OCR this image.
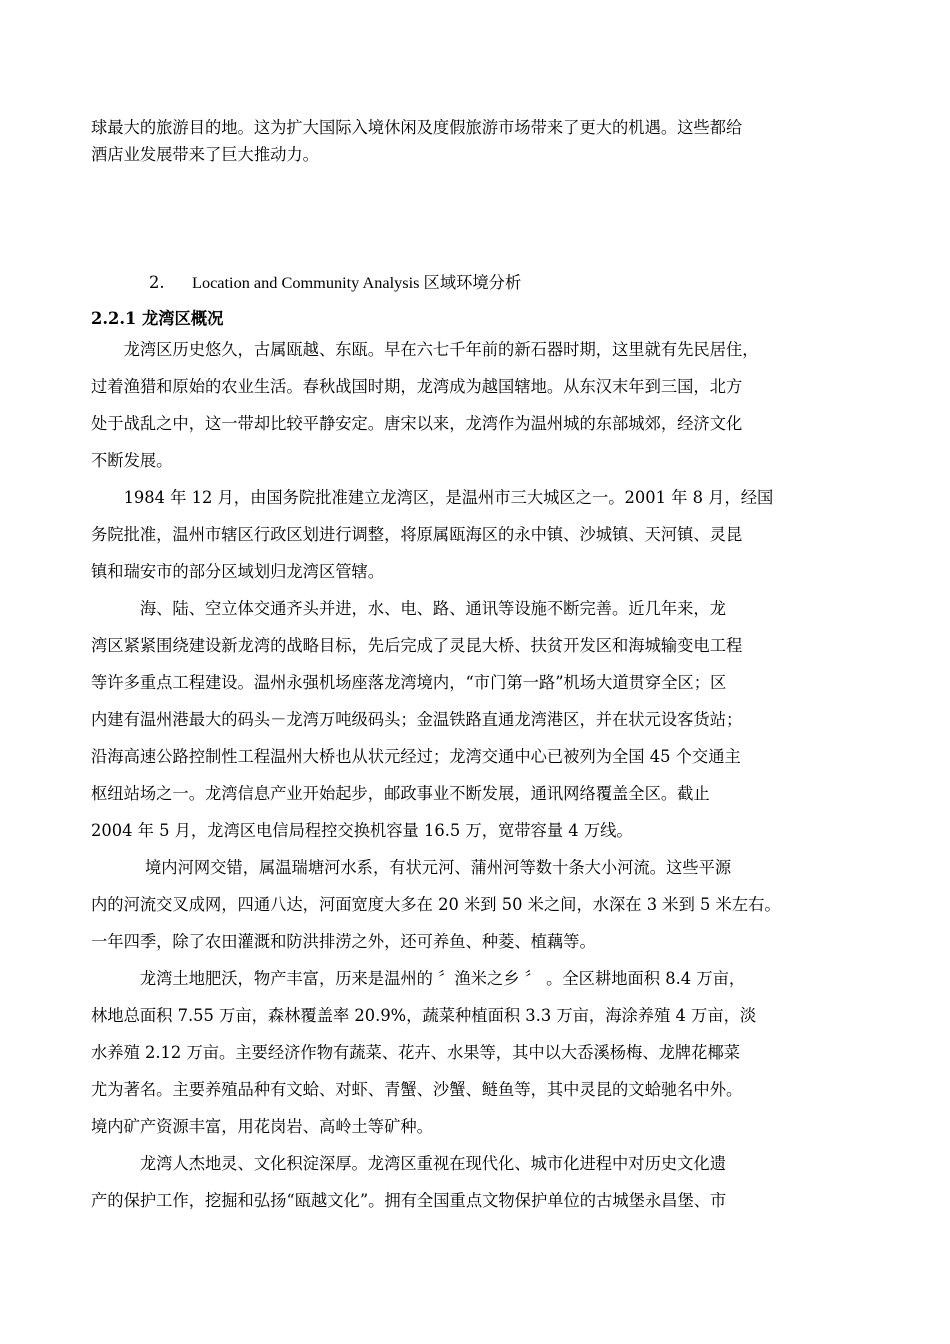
球最大的旅游目的地。这为扩大国际入境休闲及度假旅游市场带来了更大的机遇。这些都给
酒店业发展带来了巨大推动力。
2. Location and Community Analysis 区域环境分析
2.2.1 龙湾区概况
　　龙湾区历史悠久，古属瓯越、东瓯。早在六七千年前的新石器时期，这里就有先民居住，
过着渔猎和原始的农业生活。春秋战国时期，龙湾成为越国辖地。从东汉末年到三国，北方
处于战乱之中，这一带却比较平静安定。唐宋以来，龙湾作为温州城的东部城郊，经济文化
不断发展。
　　1984 年 12 月，由国务院批准建立龙湾区，是温州市三大城区之一。2001 年 8 月，经国
务院批准，温州市辖区行政区划进行调整，将原属瓯海区的永中镇、沙城镇、天河镇、灵昆
镇和瑞安市的部分区域划归龙湾区管辖。
　　　海、陆、空立体交通齐头并进，水、电、路、通讯等设施不断完善。近几年来，龙
湾区紧紧围绕建设新龙湾的战略目标，先后完成了灵昆大桥、扶贫开发区和海城输变电工程
等许多重点工程建设。温州永强机场座落龙湾境内，“市门第一路”机场大道贯穿全区；区
内建有温州港最大的码头－龙湾万吨级码头；金温铁路直通龙湾港区，并在状元设客货站；
沿海高速公路控制性工程温州大桥也从状元经过；龙湾交通中心已被列为全国 45 个交通主
枢纽站场之一。龙湾信息产业开始起步，邮政事业不断发展，通讯网络覆盖全区。截止
2004 年 5 月，龙湾区电信局程控交换机容量 16.5 万，宽带容量 4 万线。
　　　 境内河网交错，属温瑞塘河水系，有状元河、蒲州河等数十条大小河流。这些平源
内的河流交叉成网，四通八达，河面宽度大多在 20 米到 50 米之间，水深在 3 米到 5 米左右。
一年四季，除了农田灌溉和防洪排涝之外，还可养鱼、种菱、植藕等。
　　　龙湾土地肥沃，物产丰富，历来是温州的 〞渔米之乡 〞 。全区耕地面积 8.4 万亩，
林地总面积 7.55 万亩，森林覆盖率 20.9%，蔬菜种植面积 3.3 万亩，海涂养殖 4 万亩，淡
水养殖 2.12 万亩。主要经济作物有蔬菜、花卉、水果等，其中以大岙溪杨梅、龙牌花椰菜
尤为著名。主要养殖品种有文蛤、对虾、青蟹、沙蟹、鲢鱼等，其中灵昆的文蛤驰名中外。
境内矿产资源丰富，用花岗岩、高岭土等矿种。
　　　龙湾人杰地灵、文化积淀深厚。龙湾区重视在现代化、城市化进程中对历史文化遗
产的保护工作，挖掘和弘扬“瓯越文化”。拥有全国重点文物保护单位的古城堡永昌堡、市
